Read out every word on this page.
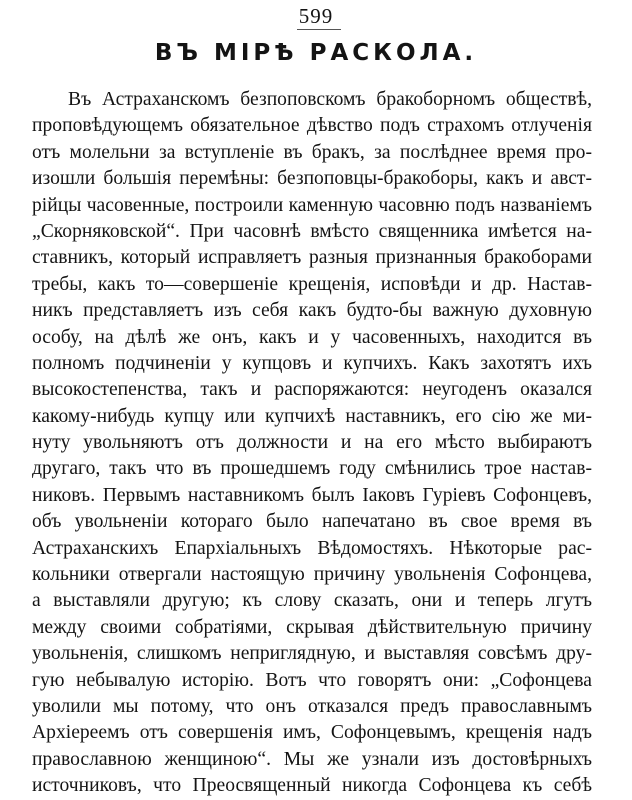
599
ВЪ МІРѢ РАСКОЛА.
Въ Астраханскомъ безпоповскомъ бракоборномъ обществѣ,
проповѣдующемъ обязательное дѣвство подъ страхомъ отлученія
отъ молельни за вступленіе въ бракъ, за послѣднее время про-
изошли большія перемѣны: безпоповцы-бракоборы, какъ и авст-
рійцы часовенные, построили каменную часовню подъ названіемъ
„Скорняковской“. При часовнѣ вмѣсто священника имѣется на-
ставникъ, который исправляетъ разныя признанныя бракоборами
требы, какъ то—совершеніе крещенія, исповѣди и др. Настав-
никъ представляетъ изъ себя какъ будто-бы важную духовную
особу, на дѣлѣ же онъ, какъ и у часовенныхъ, находится въ
полномъ подчиненіи у купцовъ и купчихъ. Какъ захотятъ ихъ
высокостепенства, такъ и распоряжаются: неугоденъ оказался
какому-нибудь купцу или купчихѣ наставникъ, его сію же ми-
нуту увольняютъ отъ должности и на его мѣсто выбираютъ
другаго, такъ что въ прошедшемъ году смѣнились трое настав-
никовъ. Первымъ наставникомъ былъ Іаковъ Гуріевъ Софонцевъ,
объ увольненіи котораго было напечатано въ свое время въ
Астраханскихъ Епархіальныхъ Вѣдомостяхъ. Нѣкоторые рас-
кольники отвергали настоящую причину увольненія Софонцева,
а выставляли другую; къ слову сказать, они и теперь лгутъ
между своими собратіями, скрывая дѣйствительную причину
увольненія, слишкомъ неприглядную, и выставляя совсѣмъ дру-
гую небывалую исторію. Вотъ что говорятъ они: „Софонцева
уволили мы потому, что онъ отказался предъ православнымъ
Архіереемъ отъ совершенія имъ, Софонцевымъ, крещенія надъ
православною женщиною“. Мы же узнали изъ достовѣрныхъ
источниковъ, что Преосвященный никогда Софонцева къ себѣ
